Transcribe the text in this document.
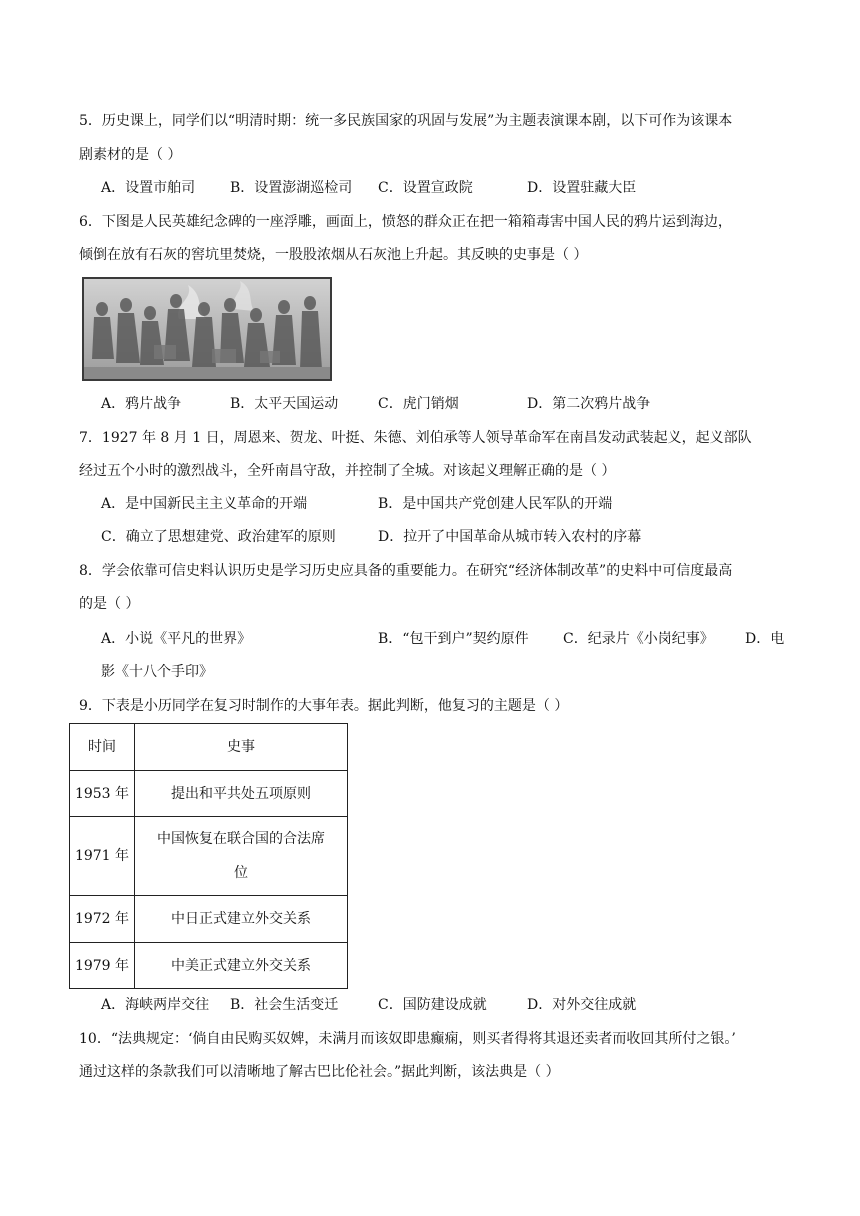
5．历史课上，同学们以“明清时期：统一多民族国家的巩固与发展”为主题表演课本剧，以下可作为该课本
剧素材的是（ ）
A．设置市舶司 B．设置澎湖巡检司 C．设置宣政院	D．设置驻藏大臣
6．下图是人民英雄纪念碑的一座浮雕，画面上，愤怒的群众正在把一箱箱毒害中国人民的鸦片运到海边，
倾倒在放有石灰的窖坑里焚烧，一股股浓烟从石灰池上升起。其反映的史事是（ ）
A．鸦片战争	B．太平天国运动	C．虎门销烟	D．第二次鸦片战争
7．1927 年 8 月 1 日，周恩来、贺龙、叶挺、朱德、刘伯承等人领导革命军在南昌发动武装起义，起义部队
经过五个小时的激烈战斗，全歼南昌守敌，并控制了全城。对该起义理解正确的是（ ）
A．是中国新民主主义革命的开端	B．是中国共产党创建人民军队的开端
C．确立了思想建党、政治建军的原则	D．拉开了中国革命从城市转入农村的序幕
8．学会依靠可信史料认识历史是学习历史应具备的重要能力。在研究“经济体制改革”的史料中可信度最高
的是（ ）
A．小说《平凡的世界》	B．“包干到户”契约原件 C．纪录片《小岗纪事》 D．电
影《十八个手印》
9．下表是小历同学在复习时制作的大事年表。据此判断，他复习的主题是（ ）
时间	史事
1953 年	提出和平共处五项原则
1971 年	中国恢复在联合国的合法席
位

1972 年	中日正式建立外交关系
1979 年	中美正式建立外交关系
A．海峡两岸交往 B．社会生活变迁	C．国防建设成就	D．对外交往成就
10．“法典规定：‘倘自由民购买奴婢，未满月而该奴即患癫痫，则买者得将其退还卖者而收回其所付之银。’
通过这样的条款我们可以清晰地了解古巴比伦社会。”据此判断，该法典是（ ）
